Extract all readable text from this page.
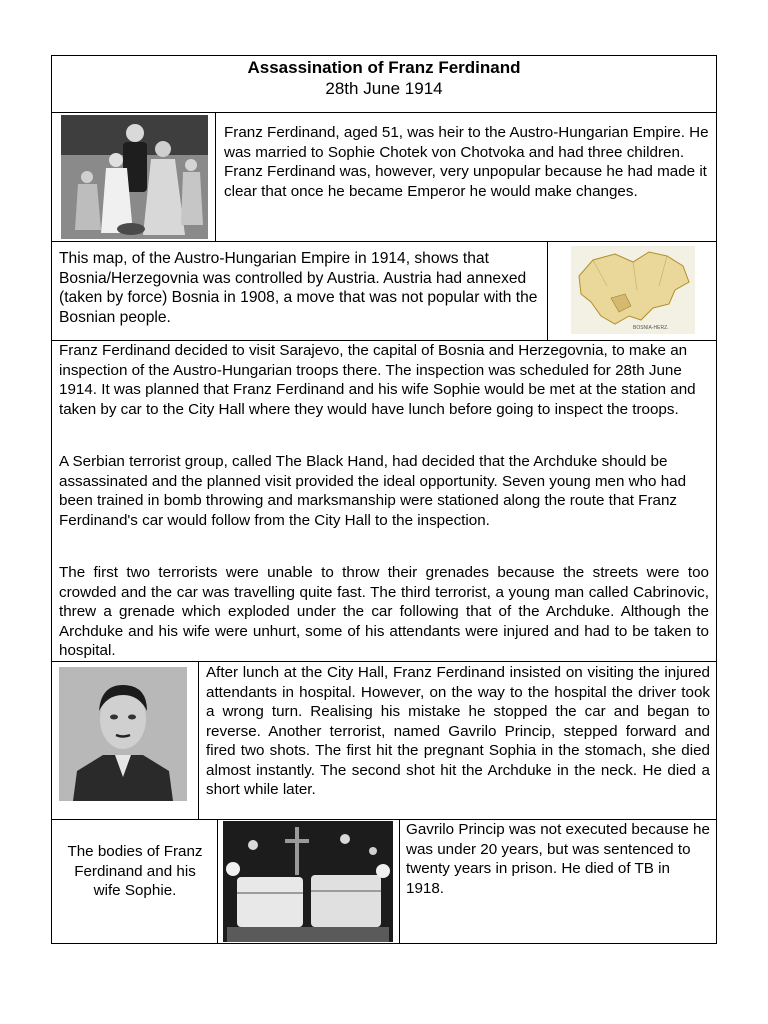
Assassination of Franz Ferdinand
28th June 1914
Franz Ferdinand, aged 51, was heir to the Austro-Hungarian Empire. He was married to Sophie Chotek von Chotvoka and had three children. Franz Ferdinand was, however, very unpopular because he had made it clear that once he became Emperor he would make changes.
This map, of the Austro-Hungarian Empire in 1914, shows that Bosnia/Herzegovnia was controlled by Austria. Austria had annexed (taken by force) Bosnia in 1908, a move that was not popular with the Bosnian people.
BOSNIA-HERZ.
Franz Ferdinand decided to visit Sarajevo, the capital of Bosnia and Herzegovnia, to make an inspection of the Austro-Hungarian troops there. The inspection was scheduled for 28th June 1914. It was planned that Franz Ferdinand and his wife Sophie would be met at the station and taken by car to the City Hall where they would have lunch before going to inspect the troops.
A Serbian terrorist group, called The Black Hand, had decided that the Archduke should be assassinated and the planned visit provided the ideal opportunity. Seven young men who had been trained in bomb throwing and marksmanship were stationed along the route that Franz Ferdinand's car would follow from the City Hall to the inspection.
The first two terrorists were unable to throw their grenades because the streets were too crowded and the car was travelling quite fast. The third terrorist, a young man called Cabrinovic, threw a grenade which exploded under the car following that of the Archduke. Although the Archduke and his wife were unhurt, some of his attendants were injured and had to be taken to hospital.
After lunch at the City Hall, Franz Ferdinand insisted on visiting the injured attendants in hospital. However, on the way to the hospital the driver took a wrong turn. Realising his mistake he stopped the car and began to reverse. Another terrorist, named Gavrilo Princip, stepped forward and fired two shots. The first hit the pregnant Sophia in the stomach, she died almost instantly. The second shot hit the Archduke in the neck. He died a short while later.
The bodies of Franz Ferdinand and his wife Sophie.
Gavrilo Princip was not executed because he was under 20 years, but was sentenced to twenty years in prison. He died of TB in 1918.
